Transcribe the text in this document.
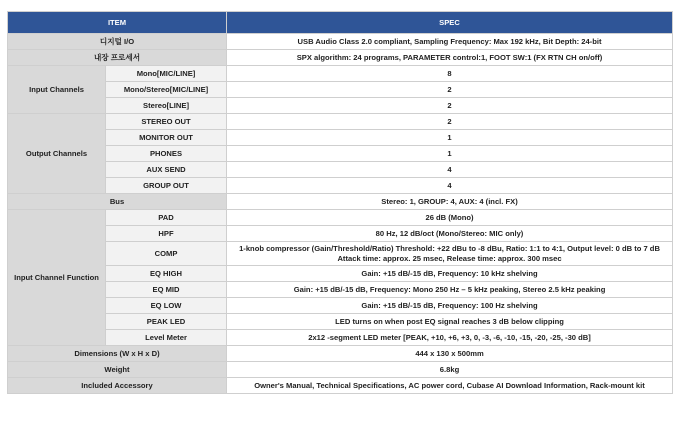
ITEM		SPEC
디지털 I/O		USB Audio Class 2.0 compliant, Sampling Frequency: Max 192 kHz, Bit Depth: 24-bit
내장 프로세서		SPX algorithm: 24 programs, PARAMETER control:1, FOOT SW:1 (FX RTN CH on/off)
Input Channels	Mono[MIC/LINE]	8
	Mono/Stereo[MIC/LINE]	2
	Stereo[LINE]	2
Output Channels	STEREO OUT	2
	MONITOR OUT	1
	PHONES	1
	AUX SEND	4
	GROUP OUT	4
Bus		Stereo: 1, GROUP: 4, AUX: 4 (incl. FX)
Input Channel Function	PAD	26 dB (Mono)
	HPF	80 Hz, 12 dB/oct (Mono/Stereo: MIC only)
	COMP	1-knob compressor (Gain/Threshold/Ratio) Threshold: +22 dBu to -8 dBu, Ratio: 1:1 to 4:1, Output level: 0 dB to 7 dB Attack time: approx. 25 msec, Release time: approx. 300 msec
	EQ HIGH	Gain: +15 dB/-15 dB, Frequency: 10 kHz shelving
	EQ MID	Gain: +15 dB/-15 dB, Frequency: Mono 250 Hz – 5 kHz peaking, Stereo 2.5 kHz peaking
	EQ LOW	Gain: +15 dB/-15 dB, Frequency: 100 Hz shelving
	PEAK LED	LED turns on when post EQ signal reaches 3 dB below clipping
	Level Meter	2x12 -segment LED meter [PEAK, +10, +6, +3, 0, -3, -6, -10, -15, -20, -25, -30 dB]
Dimensions (W x H x D)		444 x 130 x 500mm
Weight		6.8kg
Included Accessory		Owner's Manual, Technical Specifications, AC power cord, Cubase AI Download Information, Rack-mount kit
